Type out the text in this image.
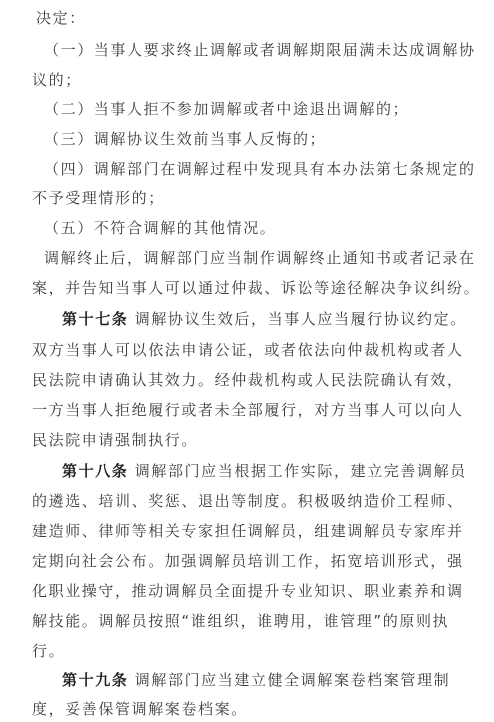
决定：
（一）当事人要求终止调解或者调解期限届满未达成调解协
议的；
（二）当事人拒不参加调解或者中途退出调解的；
（三）调解协议生效前当事人反悔的；
（四）调解部门在调解过程中发现具有本办法第七条规定的
不予受理情形的；
（五）不符合调解的其他情况。
调解终止后，调解部门应当制作调解终止通知书或者记录在
案，并告知当事人可以通过仲裁、诉讼等途径解决争议纠纷。
第十七条 调解协议生效后，当事人应当履行协议约定。
双方当事人可以依法申请公证，或者依法向仲裁机构或者人
民法院申请确认其效力。经仲裁机构或人民法院确认有效，
一方当事人拒绝履行或者未全部履行，对方当事人可以向人
民法院申请强制执行。
第十八条 调解部门应当根据工作实际，建立完善调解员
的遴选、培训、奖惩、退出等制度。积极吸纳造价工程师、
建造师、律师等相关专家担任调解员，组建调解员专家库并
定期向社会公布。加强调解员培训工作，拓宽培训形式，强
化职业操守，推动调解员全面提升专业知识、职业素养和调
解技能。调解员按照“谁组织，谁聘用，谁管理”的原则执
行。
第十九条 调解部门应当建立健全调解案卷档案管理制
度，妥善保管调解案卷档案。
